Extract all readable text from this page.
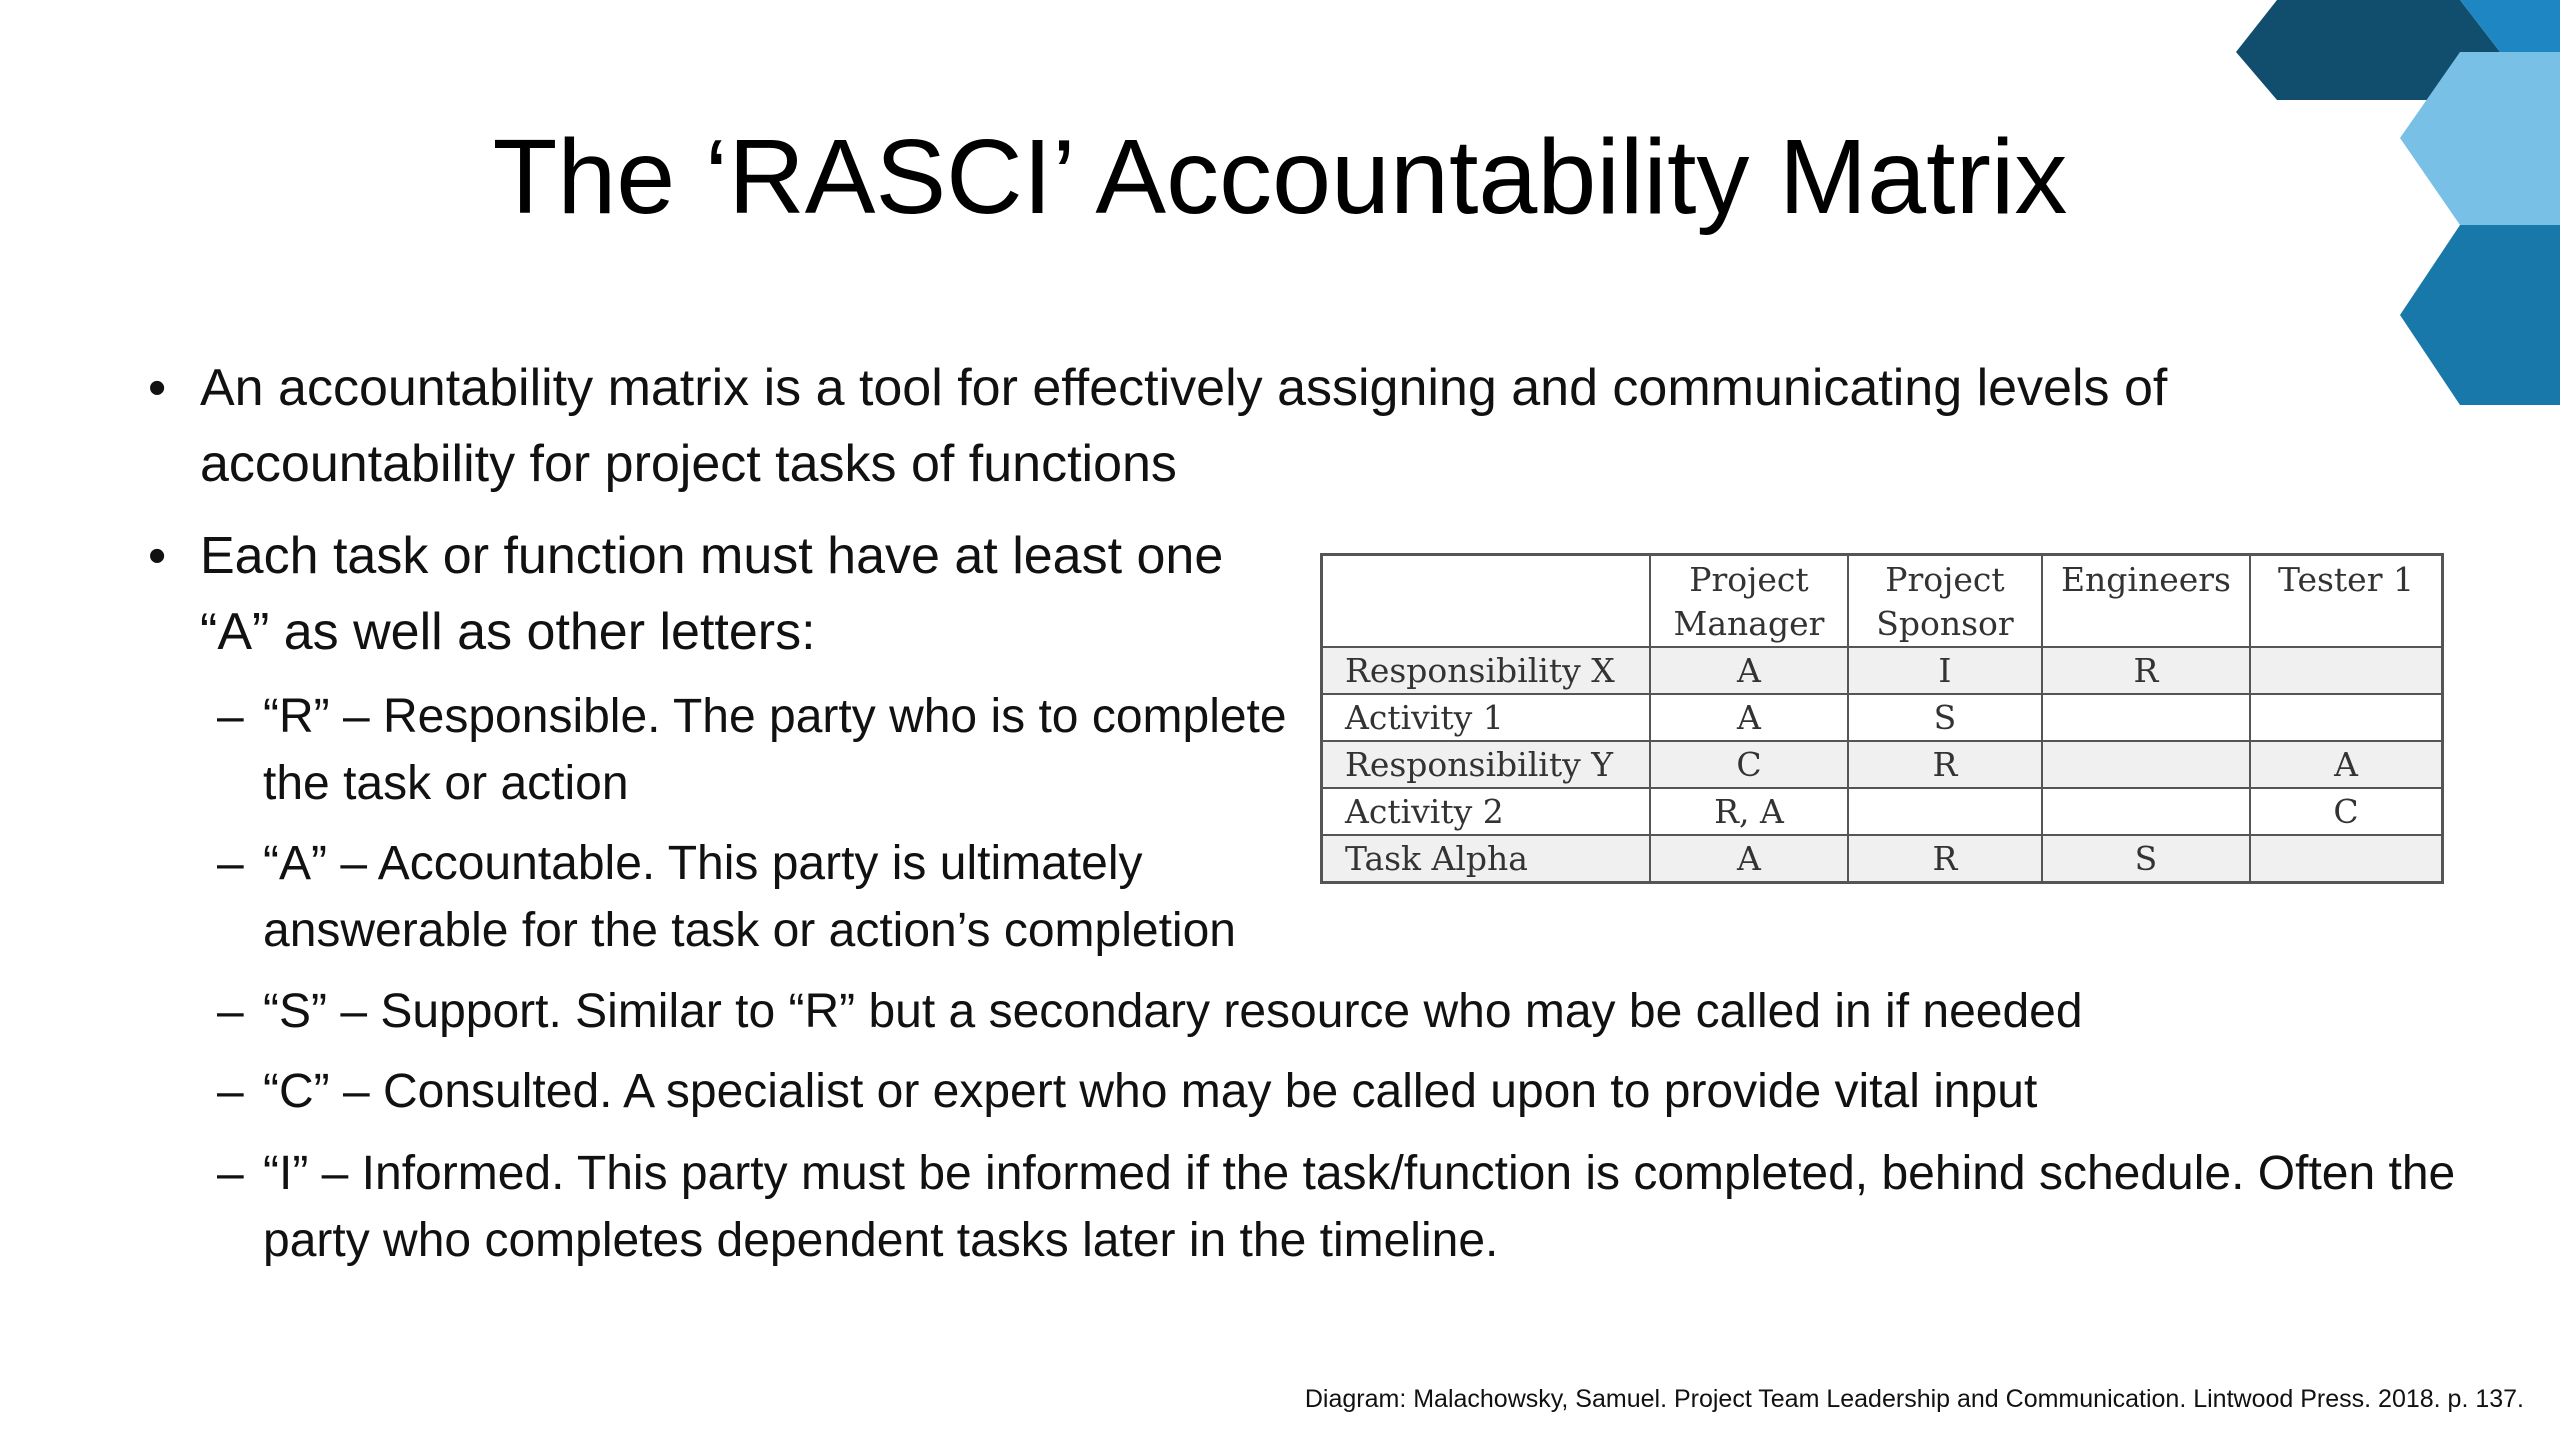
The ‘RASCI’ Accountability Matrix

• An accountability matrix is a tool for effectively assigning and communicating levels of accountability for project tasks of functions

• Each task or function must have at least one “A” as well as other letters:

– “R” – Responsible. The party who is to complete the task or action

– “A” – Accountable. This party is ultimately answerable for the task or action’s completion

– “S” – Support. Similar to “R” but a secondary resource who may be called in if needed

– “C” – Consulted. A specialist or expert who may be called upon to provide vital input

– “I” – Informed. This party must be informed if the task/function is completed, behind schedule. Often the party who completes dependent tasks later in the timeline.

	Project Manager	Project Sponsor	Engineers	Tester 1
Responsibility X	A	I	R	
Activity 1	A	S		
Responsibility Y	C	R		A
Activity 2	R, A			C
Task Alpha	A	R	S	

Diagram: Malachowsky, Samuel. Project Team Leadership and Communication. Lintwood Press. 2018. p. 137.
